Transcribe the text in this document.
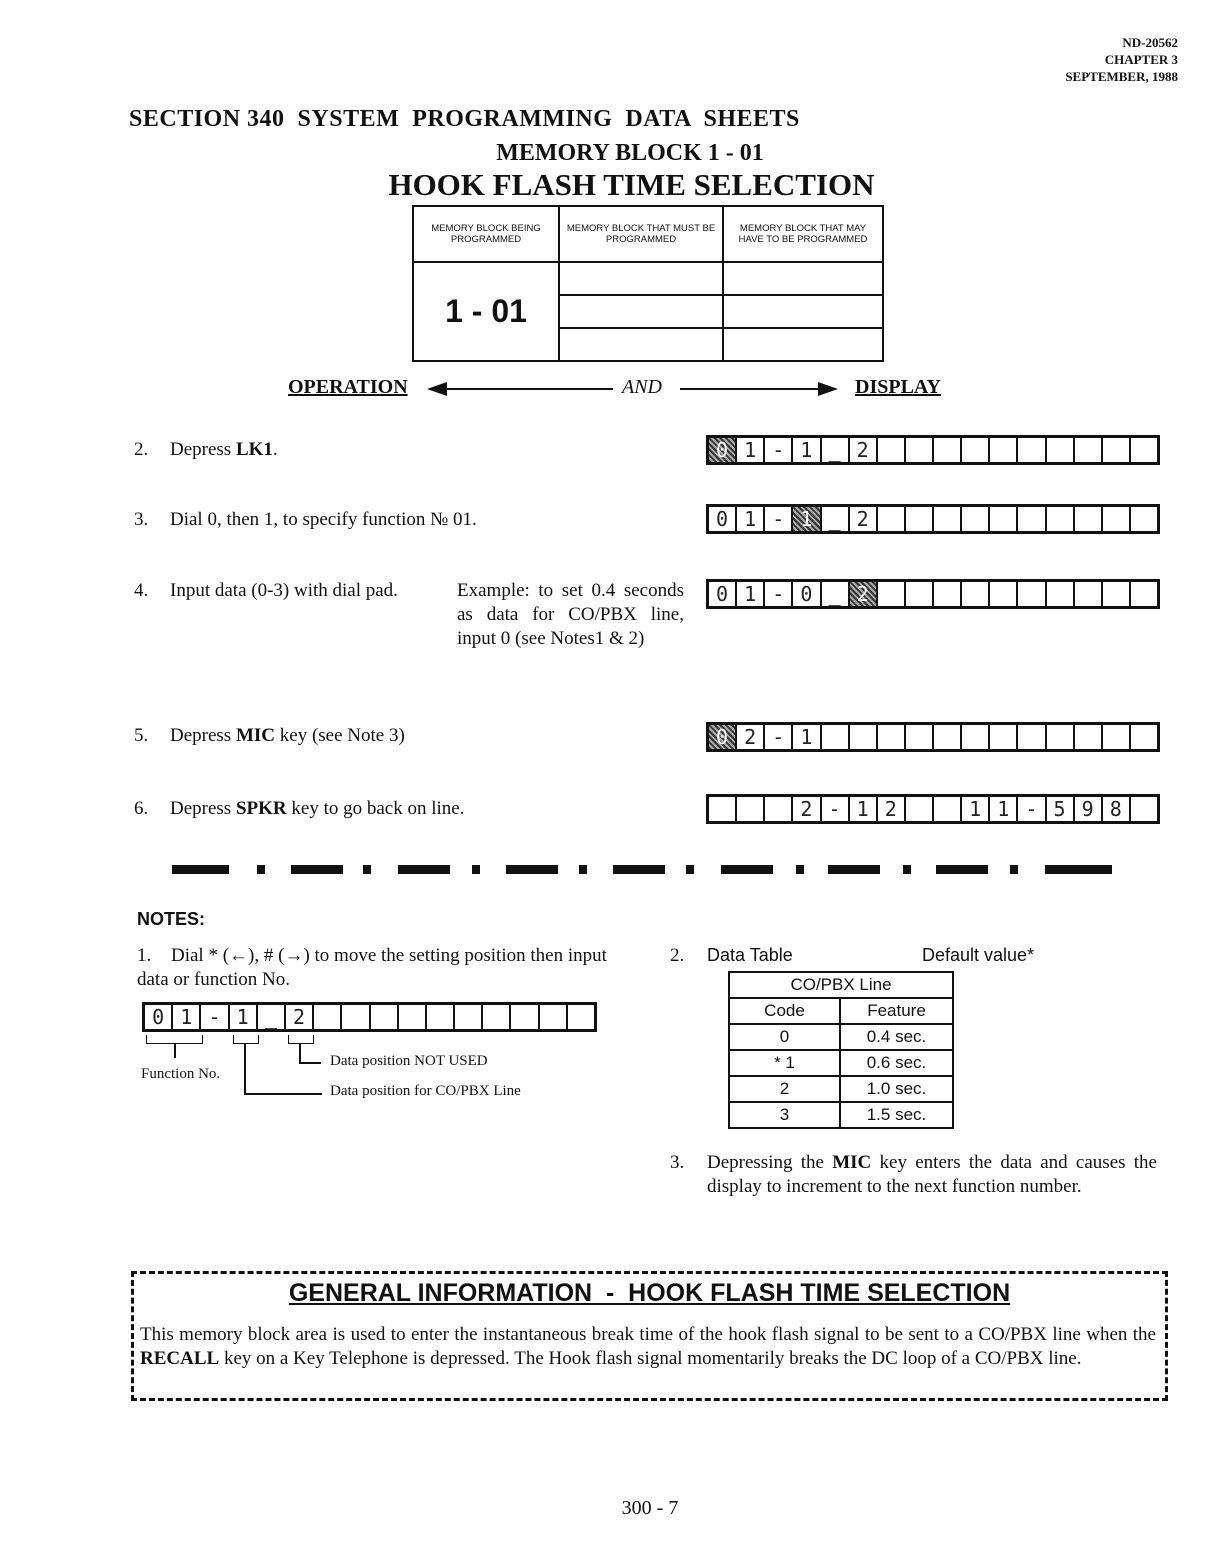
ND-20562
CHAPTER 3
SEPTEMBER, 1988
SECTION 340  SYSTEM  PROGRAMMING  DATA  SHEETS
MEMORY BLOCK 1 - 01
HOOK FLASH TIME SELECTION
MEMORY BLOCK BEING PROGRAMMED	MEMORY BLOCK THAT MUST BE PROGRAMMED	MEMORY BLOCK THAT MAY HAVE TO BE PROGRAMMED
1 - 01		

OPERATION	AND	DISPLAY
2. Depress LK1.
3. Dial 0, then 1, to specify function № 01.
4. Input data (0-3) with dial pad.	Example: to set 0.4 seconds as data for CO/PBX line, input 0 (see Notes1 & 2)
5. Depress MIC key (see Note 3)
6. Depress SPKR key to go back on line.
0 1 - 1 _ 2
0 1 - 1 _ 2
0 1 - 0 _ 2
0 2 - 1
2 - 1 2	1 1 - 5 9 8
NOTES:
1. Dial * (←), # (→) to move the setting position then input data or function No.
0 1 - 1 _ 2
Data position NOT USED
Function No.
Data position for CO/PBX Line
2. Data Table	Default value*
CO/PBX Line	
Code	Feature
0	0.4 sec.
* 1	0.6 sec.
2	1.0 sec.
3	1.5 sec.
3. Depressing the MIC key enters the data and causes the display to increment to the next function number.
GENERAL INFORMATION  -  HOOK FLASH TIME SELECTION
This memory block area is used to enter the instantaneous break time of the hook flash signal to be sent to a CO/PBX line when the RECALL key on a Key Telephone is depressed. The Hook flash signal momentarily breaks the DC loop of a CO/PBX line.
300 - 7
